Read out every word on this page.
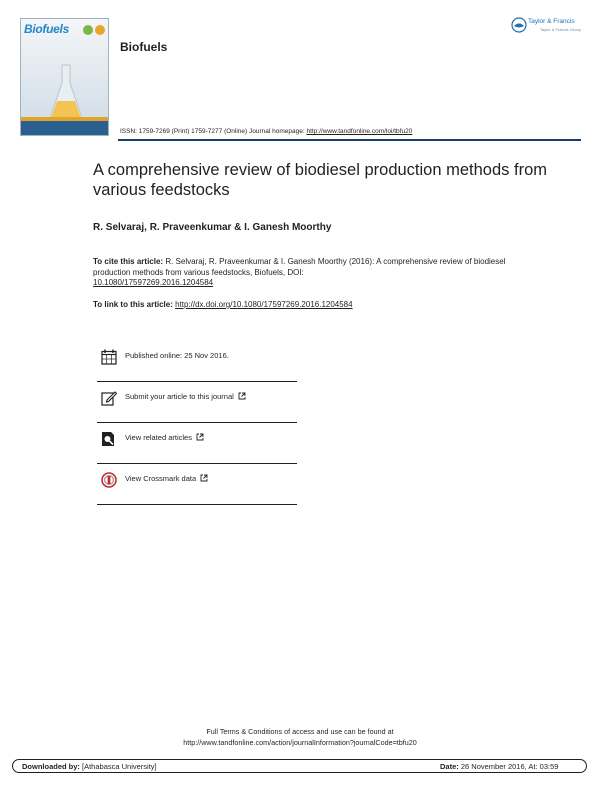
Biofuels
Biofuels
Taylor & Francis
Taylor & Francis Group
ISSN: 1759-7269 (Print) 1759-7277 (Online) Journal homepage: http://www.tandfonline.com/loi/tbfu20
A comprehensive review of biodiesel production methods from various feedstocks
R. Selvaraj, R. Praveenkumar & I. Ganesh Moorthy
To cite this article: R. Selvaraj, R. Praveenkumar & I. Ganesh Moorthy (2016): A comprehensive review of biodiesel production methods from various feedstocks, Biofuels, DOI:
10.1080/17597269.2016.1204584
To link to this article: http://dx.doi.org/10.1080/17597269.2016.1204584
Published online: 25 Nov 2016.
Submit your article to this journal
View related articles
View Crossmark data
Full Terms & Conditions of access and use can be found at
http://www.tandfonline.com/action/journalInformation?journalCode=tbfu20
Downloaded by: [Athabasca University]	Date: 26 November 2016, At: 03:59
